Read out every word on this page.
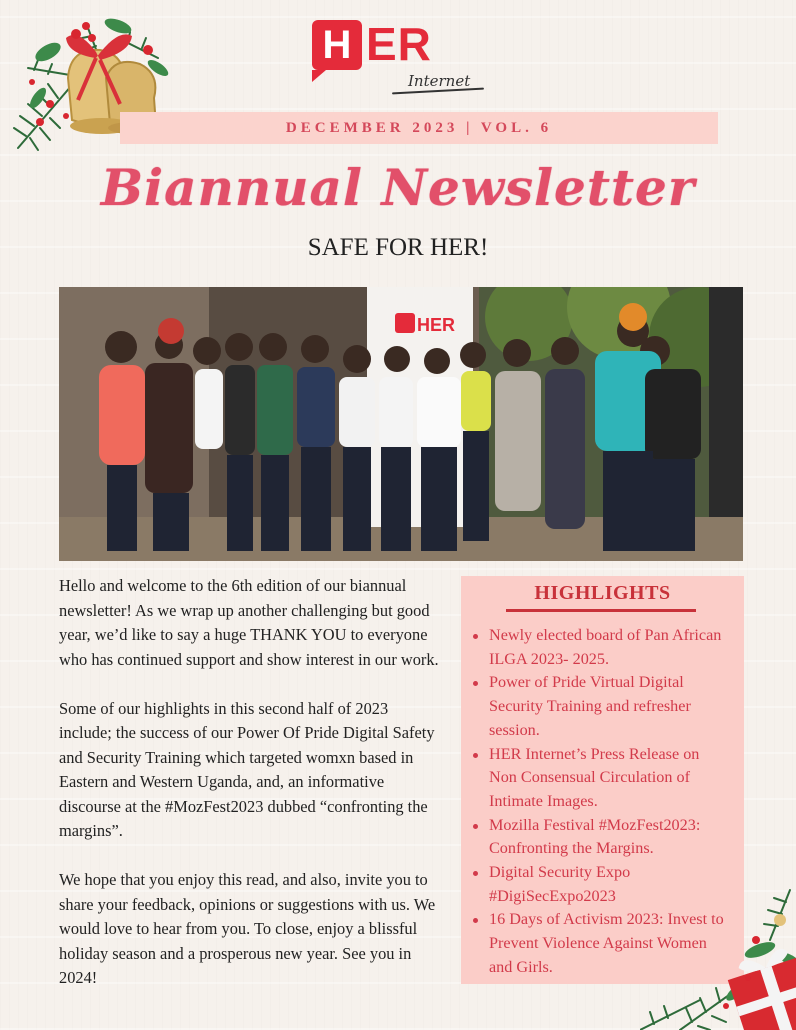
H ER
Internet
DECEMBER 2023 | VOL. 6
Biannual Newsletter
SAFE FOR HER!
HER

Hello and welcome to the 6th edition of our biannual newsletter! As we wrap up another challenging but good year, we’d like to say a huge THANK YOU to everyone who has continued support and show interest in our work.

Some of our highlights in this second half of 2023 include; the success of our Power Of Pride Digital Safety and Security Training which targeted womxn based in Eastern and Western Uganda, and, an informative discourse at the #MozFest2023 dubbed “confronting the margins”.

We hope that you enjoy this read, and also, invite you to share your feedback, opinions or suggestions with us. We would love to hear from you. To close, enjoy a blissful holiday season and a prosperous new year. See you in 2024!

HIGHLIGHTS
Newly elected board of Pan African ILGA 2023- 2025.
Power of Pride Virtual Digital Security Training and refresher session.
HER Internet’s Press Release on Non Consensual Circulation of Intimate Images.
Mozilla Festival #MozFest2023: Confronting the Margins.
Digital Security Expo #DigiSecExpo2023
16 Days of Activism 2023: Invest to Prevent Violence Against Women and Girls.
